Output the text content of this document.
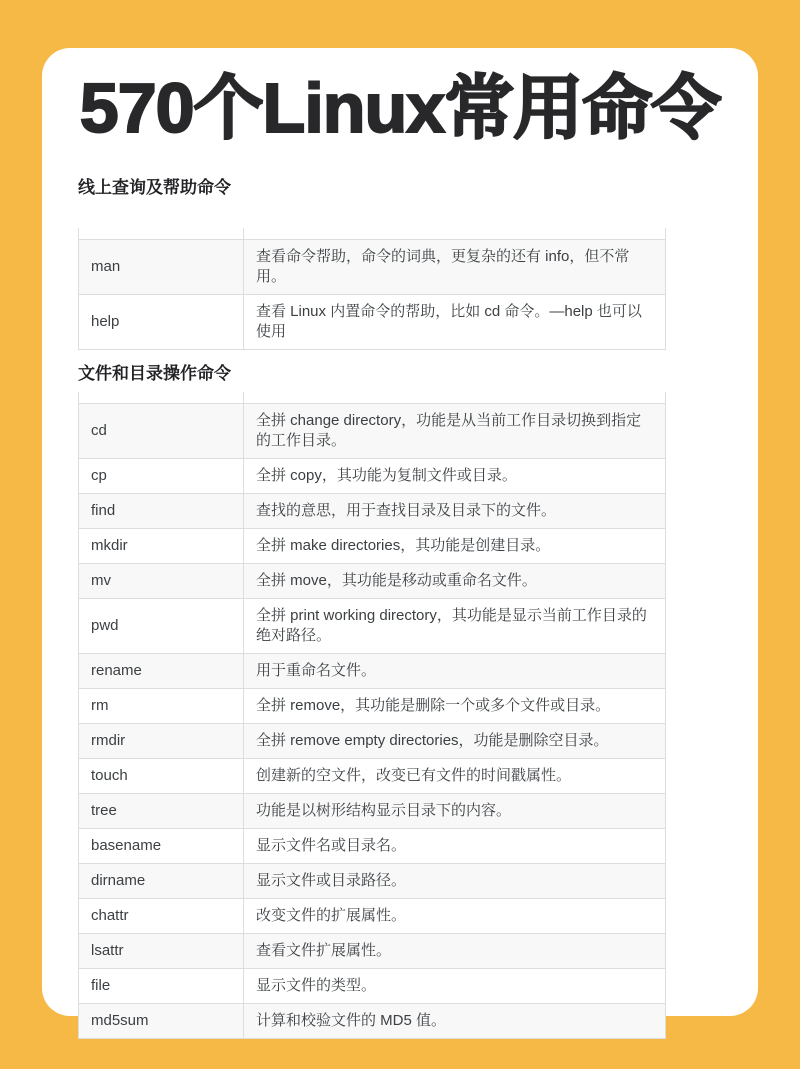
570个Linux常用命令
线上查询及帮助命令

man	查看命令帮助，命令的词典，更复杂的还有 info，但不常用。
help	查看 Linux 内置命令的帮助，比如 cd 命令。—help 也可以使用
文件和目录操作命令

cd	全拼 change directory，功能是从当前工作目录切换到指定的工作目录。
cp	全拼 copy，其功能为复制文件或目录。
find	查找的意思，用于查找目录及目录下的文件。
mkdir	全拼 make directories，其功能是创建目录。
mv	全拼 move，其功能是移动或重命名文件。
pwd	全拼 print working directory，其功能是显示当前工作目录的绝对路径。
rename	用于重命名文件。
rm	全拼 remove，其功能是删除一个或多个文件或目录。
rmdir	全拼 remove empty directories，功能是删除空目录。
touch	创建新的空文件，改变已有文件的时间戳属性。
tree	功能是以树形结构显示目录下的内容。
basename	显示文件名或目录名。
dirname	显示文件或目录路径。
chattr	改变文件的扩展属性。
lsattr	查看文件扩展属性。
file	显示文件的类型。
md5sum	计算和校验文件的 MD5 值。
